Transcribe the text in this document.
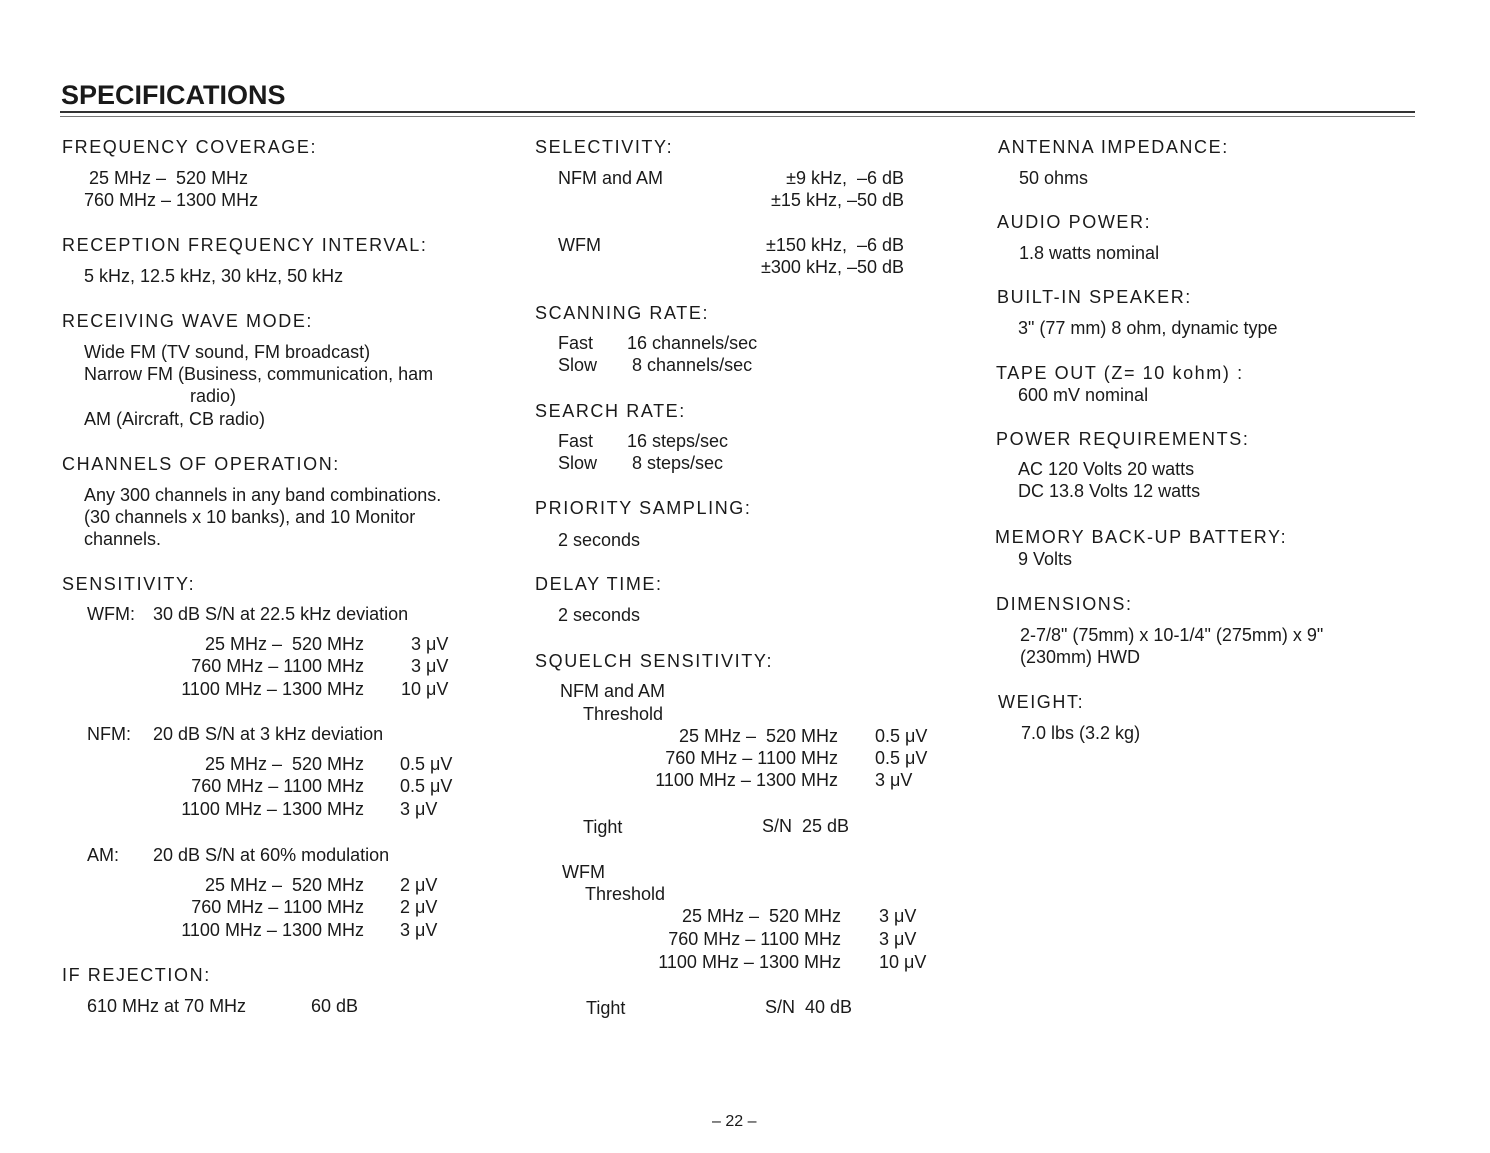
SPECIFICATIONS
FREQUENCY COVERAGE:
25 MHz –  520 MHz
760 MHz – 1300 MHz
RECEPTION FREQUENCY INTERVAL:
5 kHz, 12.5 kHz, 30 kHz, 50 kHz
RECEIVING WAVE MODE:
Wide FM (TV sound, FM broadcast)
Narrow FM (Business, communication, ham
radio)
AM (Aircraft, CB radio)
CHANNELS OF OPERATION:
Any 300 channels in any band combinations.
(30 channels x 10 banks), and 10 Monitor
channels.
SENSITIVITY:
WFM: 30 dB S/N at 22.5 kHz deviation
25 MHz –  520 MHz	3 μV
760 MHz – 1100 MHz	3 μV
1100 MHz – 1300 MHz 10 μV
NFM: 20 dB S/N at 3 kHz deviation
25 MHz –  520 MHz 0.5 μV
760 MHz – 1100 MHz 0.5 μV
1100 MHz – 1300 MHz 3 μV
AM: 20 dB S/N at 60% modulation
25 MHz –  520 MHz 2 μV
760 MHz – 1100 MHz 2 μV
1100 MHz – 1300 MHz 3 μV
IF REJECTION:
610 MHz at 70 MHz	60 dB
SELECTIVITY:
NFM and AM	±9 kHz,  –6 dB
±15 kHz, –50 dB
WFM	±150 kHz,  –6 dB
±300 kHz, –50 dB
SCANNING RATE:
Fast 16 channels/sec
Slow 8 channels/sec
SEARCH RATE:
Fast 16 steps/sec
Slow 8 steps/sec
PRIORITY SAMPLING:
2 seconds
DELAY TIME:
2 seconds
SQUELCH SENSITIVITY:
NFM and AM
Threshold
25 MHz –  520 MHz 0.5 μV
760 MHz – 1100 MHz 0.5 μV
1100 MHz – 1300 MHz 3 μV
Tight	S/N  25 dB
WFM
Threshold
25 MHz –  520 MHz 3 μV
760 MHz – 1100 MHz 3 μV
1100 MHz – 1300 MHz 10 μV
Tight	S/N  40 dB
ANTENNA IMPEDANCE:
50 ohms
AUDIO POWER:
1.8 watts nominal
BUILT-IN SPEAKER:
3" (77 mm) 8 ohm, dynamic type
TAPE OUT (Z= 10 kohm) :
600 mV nominal
POWER REQUIREMENTS:
AC 120 Volts 20 watts
DC 13.8 Volts 12 watts
MEMORY BACK-UP BATTERY:
9 Volts
DIMENSIONS:
2-7/8" (75mm) x 10-1/4" (275mm) x 9"
(230mm) HWD
WEIGHT:
7.0 lbs (3.2 kg)
– 22 –
